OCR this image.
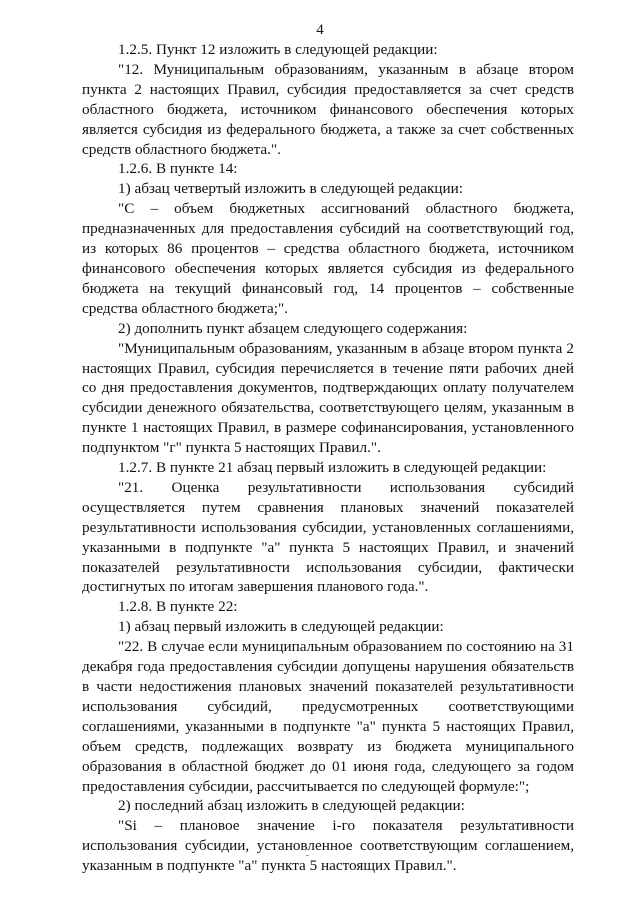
4

1.2.5. Пункт 12 изложить в следующей редакции:

"12. Муниципальным образованиям, указанным в абзаце втором пункта 2 настоящих Правил, субсидия предоставляется за счет средств областного бюджета, источником финансового обеспечения которых является субсидия из федерального бюджета, а также за счет собственных средств областного бюджета.".

1.2.6. В пункте 14:

1) абзац четвертый изложить в следующей редакции:

"С – объем бюджетных ассигнований областного бюджета, предназначенных для предоставления субсидий на соответствующий год, из которых 86 процентов – средства областного бюджета, источником финансового обеспечения которых является субсидия из федерального бюджета на текущий финансовый год, 14 процентов – собственные средства областного бюджета;".

2) дополнить пункт абзацем следующего содержания:

"Муниципальным образованиям, указанным в абзаце втором пункта 2 настоящих Правил, субсидия перечисляется в течение пяти рабочих дней со дня предоставления документов, подтверждающих оплату получателем субсидии денежного обязательства, соответствующего целям, указанным в пункте 1 настоящих Правил, в размере софинансирования, установленного подпунктом "г" пункта 5 настоящих Правил.".

1.2.7. В пункте 21 абзац первый изложить в следующей редакции:

"21. Оценка результативности использования субсидий осуществляется путем сравнения плановых значений показателей результативности использования субсидии, установленных соглашениями, указанными в подпункте "а" пункта 5 настоящих Правил, и значений показателей результативности использования субсидии, фактически достигнутых по итогам завершения планового года.".

1.2.8. В пункте 22:

1) абзац первый изложить в следующей редакции:

"22. В случае если муниципальным образованием по состоянию на 31 декабря года предоставления субсидии допущены нарушения обязательств в части недостижения плановых значений показателей результативности использования субсидий, предусмотренных соответствующими соглашениями, указанными в подпункте "а" пункта 5 настоящих Правил, объем средств, подлежащих возврату из бюджета муниципального образования в областной бюджет до 01 июня года, следующего за годом предоставления субсидии, рассчитывается по следующей формуле:";

2) последний абзац изложить в следующей редакции:

"Si – плановое значение i-го показателя результативности использования субсидии, установленное соответствующим соглашением, указанным в подпункте "а" пункта 5 настоящих Правил.".
